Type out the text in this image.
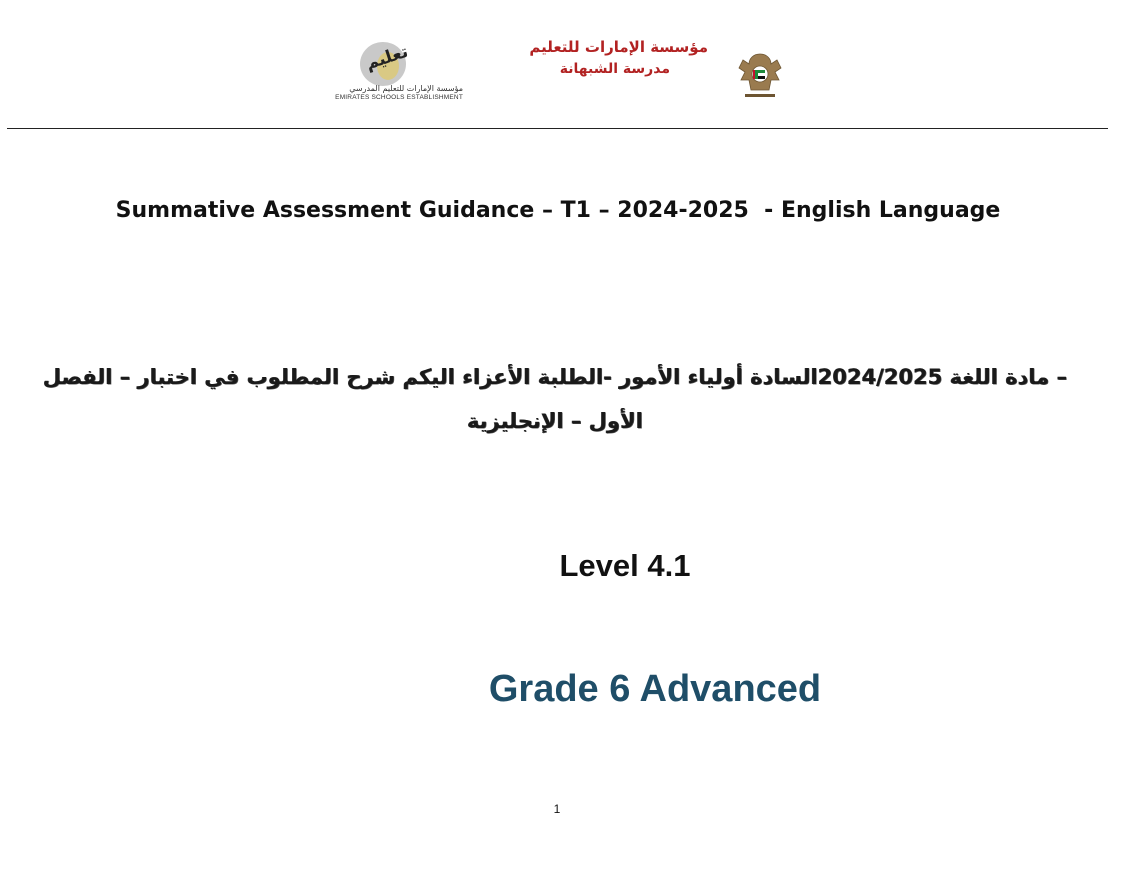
تعليم
مؤسسة الإمارات للتعليم المدرسي
EMIRATES SCHOOLS ESTABLISHMENT
مؤسسة الإمارات للتعليم
مدرسة الشبهانة
Summative Assessment Guidance – T1 – 2024-2025  - English Language
– مادة اللغة 2024/2025السادة أولياء الأمور -الطلبة الأعزاء اليكم شرح المطلوب في اختبار – الفصل الأول – الإنجليزية
Level 4.1
Grade 6 Advanced
1
